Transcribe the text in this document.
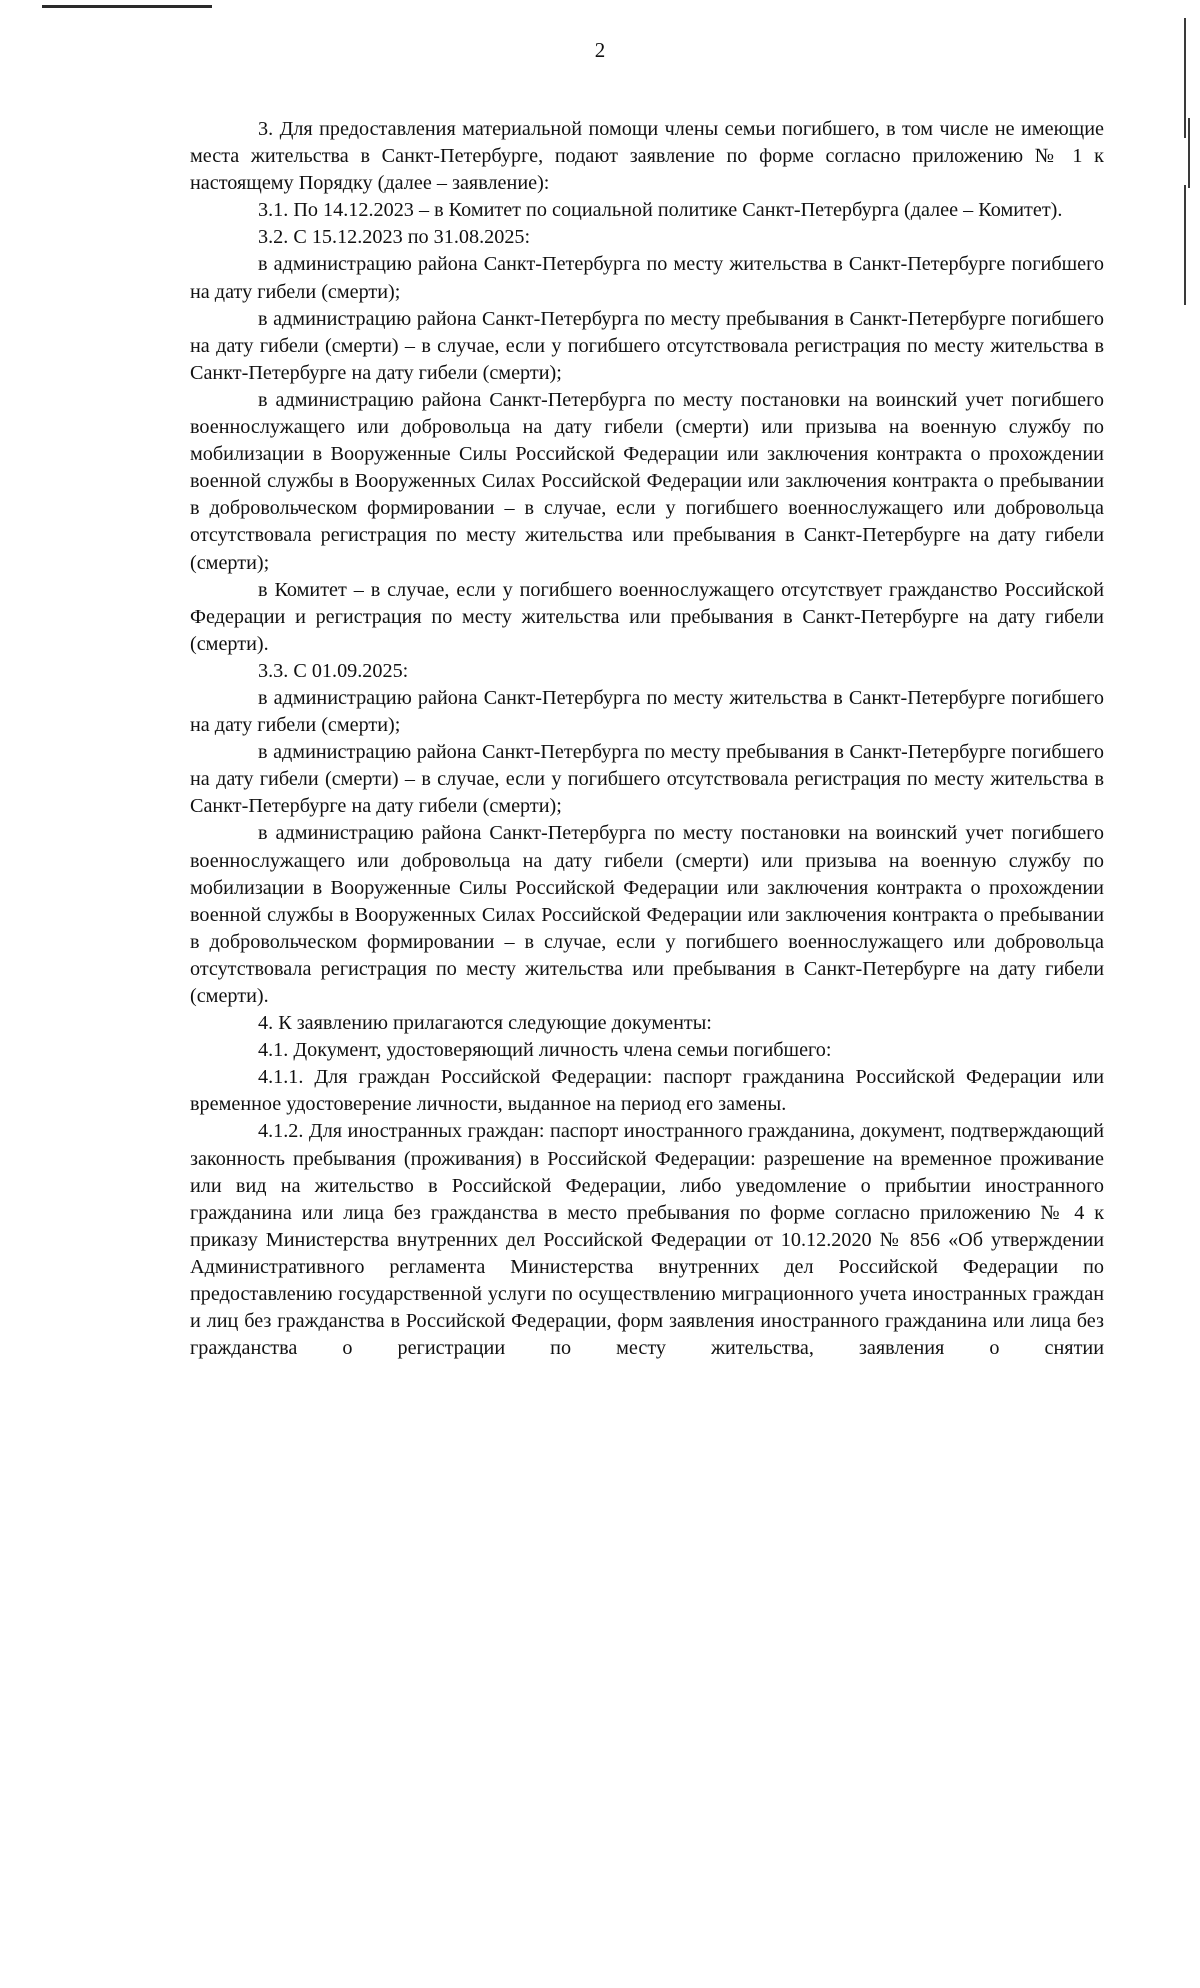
2

3. Для предоставления материальной помощи члены семьи погибшего, в том числе не имеющие места жительства в Санкт-Петербурге, подают заявление по форме согласно приложению № 1 к настоящему Порядку (далее – заявление):

3.1. По 14.12.2023 – в Комитет по социальной политике Санкт-Петербурга (далее – Комитет).

3.2. С 15.12.2023 по 31.08.2025:

в администрацию района Санкт-Петербурга по месту жительства в Санкт-Петербурге погибшего на дату гибели (смерти);

в администрацию района Санкт-Петербурга по месту пребывания в Санкт-Петербурге погибшего на дату гибели (смерти) – в случае, если у погибшего отсутствовала регистрация по месту жительства в Санкт-Петербурге на дату гибели (смерти);

в администрацию района Санкт-Петербурга по месту постановки на воинский учет погибшего военнослужащего или добровольца на дату гибели (смерти) или призыва на военную службу по мобилизации в Вооруженные Силы Российской Федерации или заключения контракта о прохождении военной службы в Вооруженных Силах Российской Федерации или заключения контракта о пребывании в добровольческом формировании – в случае, если у погибшего военнослужащего или добровольца отсутствовала регистрация по месту жительства или пребывания в Санкт-Петербурге на дату гибели (смерти);

в Комитет – в случае, если у погибшего военнослужащего отсутствует гражданство Российской Федерации и регистрация по месту жительства или пребывания в Санкт-Петербурге на дату гибели (смерти).

3.3. С 01.09.2025:

в администрацию района Санкт-Петербурга по месту жительства в Санкт-Петербурге погибшего на дату гибели (смерти);

в администрацию района Санкт-Петербурга по месту пребывания в Санкт-Петербурге погибшего на дату гибели (смерти) – в случае, если у погибшего отсутствовала регистрация по месту жительства в Санкт-Петербурге на дату гибели (смерти);

в администрацию района Санкт-Петербурга по месту постановки на воинский учет погибшего военнослужащего или добровольца на дату гибели (смерти) или призыва на военную службу по мобилизации в Вооруженные Силы Российской Федерации или заключения контракта о прохождении военной службы в Вооруженных Силах Российской Федерации или заключения контракта о пребывании в добровольческом формировании – в случае, если у погибшего военнослужащего или добровольца отсутствовала регистрация по месту жительства или пребывания в Санкт-Петербурге на дату гибели (смерти).

4. К заявлению прилагаются следующие документы:

4.1. Документ, удостоверяющий личность члена семьи погибшего:

4.1.1. Для граждан Российской Федерации: паспорт гражданина Российской Федерации или временное удостоверение личности, выданное на период его замены.

4.1.2. Для иностранных граждан: паспорт иностранного гражданина, документ, подтверждающий законность пребывания (проживания) в Российской Федерации: разрешение на временное проживание или вид на жительство в Российской Федерации, либо уведомление о прибытии иностранного гражданина или лица без гражданства в место пребывания по форме согласно приложению № 4 к приказу Министерства внутренних дел Российской Федерации от 10.12.2020 № 856 «Об утверждении Административного регламента Министерства внутренних дел Российской Федерации по предоставлению государственной услуги по осуществлению миграционного учета иностранных граждан и лиц без гражданства в Российской Федерации, форм заявления иностранного гражданина или лица без гражданства о регистрации по месту жительства, заявления о снятии
